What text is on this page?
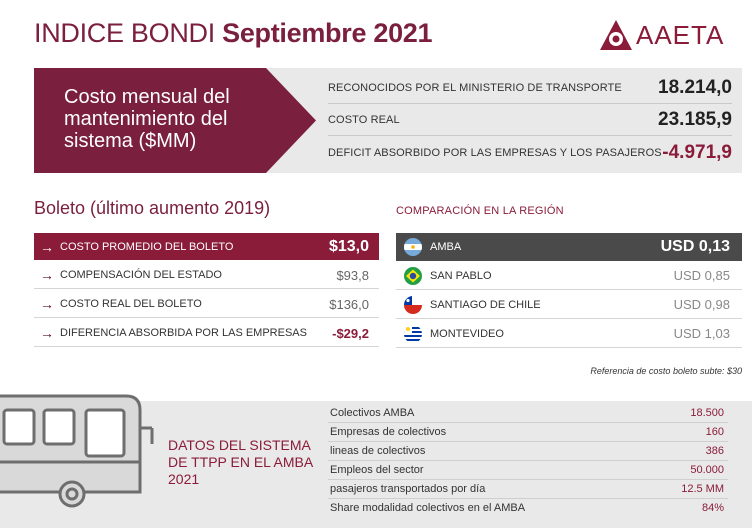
INDICE BONDI Septiembre 2021	AAETA
Costo mensual del mantenimiento del sistema ($MM)
RECONOCIDOS POR EL MINISTERIO DE TRANSPORTE 18.214,0
COSTO REAL	23.185,9
DEFICIT ABSORBIDO POR LAS EMPRESAS Y LOS PASAJEROS -4.971,9
Boleto (último aumento 2019)
→ COSTO PROMEDIO DEL BOLETO	$13,0
→ COMPENSACIÓN DEL ESTADO	$93,8
→ COSTO REAL DEL BOLETO	$136,0
→ DIFERENCIA ABSORBIDA POR LAS EMPRESAS	-$29,2
COMPARACIÓN EN LA REGIÓN
AMBA	USD 0,13
SAN PABLO	USD 0,85
SANTIAGO DE CHILE	USD 0,98
MONTEVIDEO	USD 1,03
Referencia de costo boleto subte: $30
DATOS DEL SISTEMA DE TTPP EN EL AMBA 2021
Colectivos AMBA	18.500
Empresas de colectivos	160
lineas de colectivos	386
Empleos del sector	50.000
pasajeros transportados por día	12.5 MM
Share modalidad colectivos en el AMBA	84%
